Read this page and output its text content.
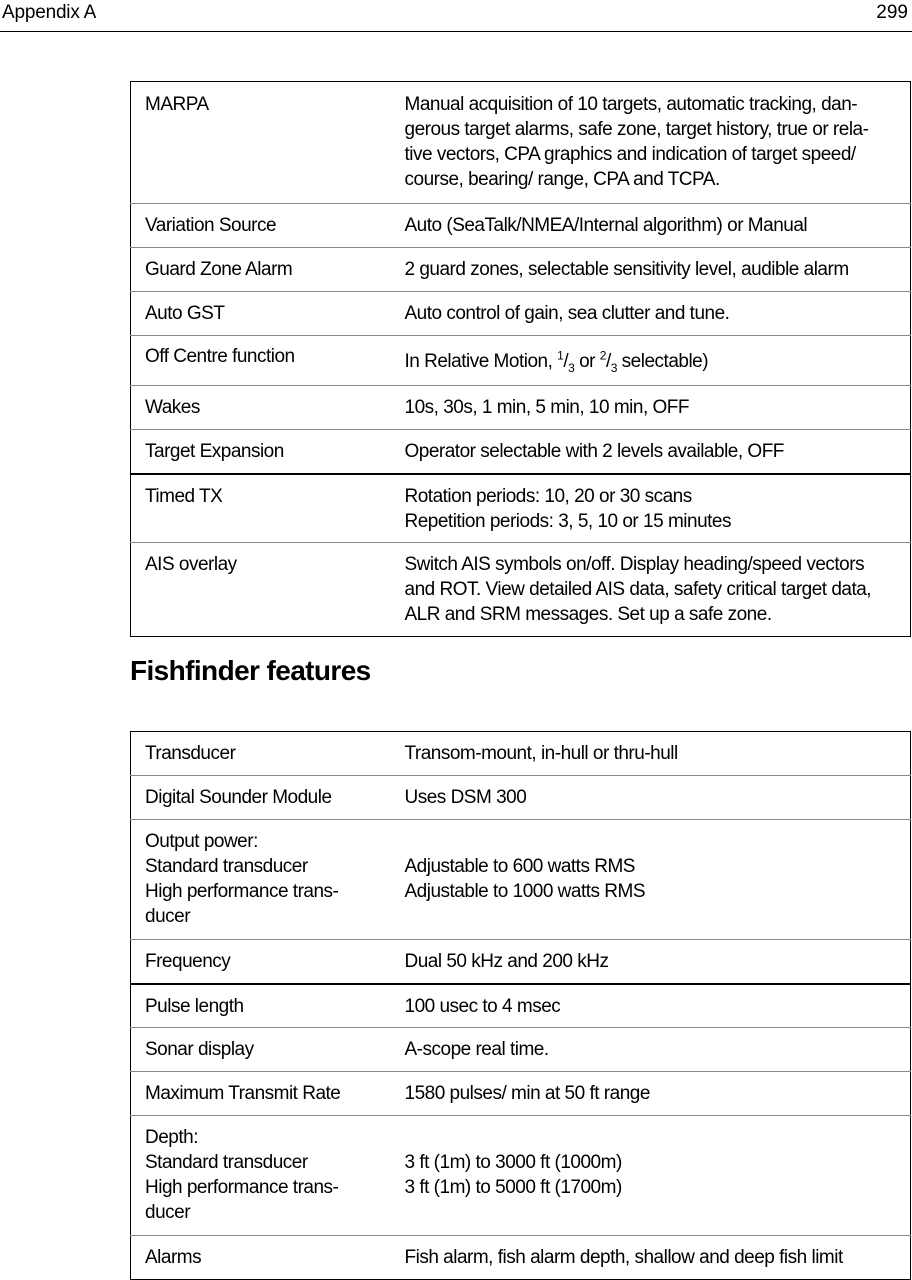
Appendix A	299
MARPA	Manual acquisition of 10 targets, automatic tracking, dan-
gerous target alarms, safe zone, target history, true or rela-
tive vectors, CPA graphics and indication of target speed/
course, bearing/ range, CPA and TCPA.

Variation Source	Auto (SeaTalk/NMEA/Internal algorithm) or Manual

Guard Zone Alarm	2 guard zones, selectable sensitivity level, audible alarm

Auto GST	Auto control of gain, sea clutter and tune.

Off Centre function	In Relative Motion, $^1/_3$ or $^2/_3$ selectable)

Wakes	10s, 30s, 1 min, 5 min, 10 min, OFF

Target Expansion	Operator selectable with 2 levels available, OFF

Timed TX	Rotation periods: 10, 20 or 30 scans
Repetition periods: 3, 5, 10 or 15 minutes

AIS overlay	Switch AIS symbols on/off. Display heading/speed vectors
and ROT. View detailed AIS data, safety critical target data,
ALR and SRM messages. Set up a safe zone.
Fishfinder features
Transducer	Transom-mount, in-hull or thru-hull

Digital Sounder Module	Uses DSM 300

Output power:
Standard transducer
High performance trans-
ducer	Adjustable to 600 watts RMS
Adjustable to 1000 watts RMS

Frequency	Dual 50 kHz and 200 kHz

Pulse length	100 usec to 4 msec

Sonar display	A-scope real time.

Maximum Transmit Rate	1580 pulses/ min at 50 ft range

Depth:
Standard transducer
High performance trans-
ducer	3 ft (1m) to 3000 ft (1000m)
3 ft (1m) to 5000 ft (1700m)

Alarms	Fish alarm, fish alarm depth, shallow and deep fish limit
